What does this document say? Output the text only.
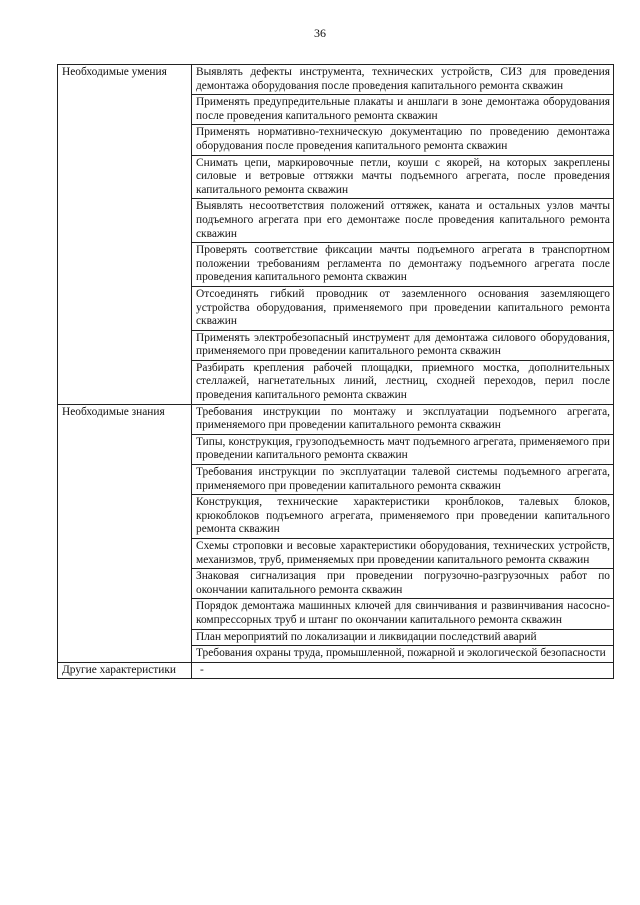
36
Необходимые умения	Выявлять дефекты инструмента, технических устройств, СИЗ для проведения демонтажа оборудования после проведения капитального ремонта скважин
	Применять предупредительные плакаты и аншлаги в зоне демонтажа оборудования после проведения капитального ремонта скважин
	Применять нормативно-техническую документацию по проведению демонтажа оборудования после проведения капитального ремонта скважин
	Снимать цепи, маркировочные петли, коуши с якорей, на которых закреплены силовые и ветровые оттяжки мачты подъемного агрегата, после проведения капитального ремонта скважин
	Выявлять несоответствия положений оттяжек, каната и остальных узлов мачты подъемного агрегата при его демонтаже после проведения капитального ремонта скважин
	Проверять соответствие фиксации мачты подъемного агрегата в транспортном положении требованиям регламента по демонтажу подъемного агрегата после проведения капитального ремонта скважин
	Отсоединять гибкий проводник от заземленного основания заземляющего устройства оборудования, применяемого при проведении капитального ремонта скважин
	Применять электробезопасный инструмент для демонтажа силового оборудования, применяемого при проведении капитального ремонта скважин
	Разбирать крепления рабочей площадки, приемного мостка, дополнительных стеллажей, нагнетательных линий, лестниц, сходней переходов, перил после проведения капитального ремонта скважин
Необходимые знания	Требования инструкции по монтажу и эксплуатации подъемного агрегата, применяемого при проведении капитального ремонта скважин
	Типы, конструкция, грузоподъемность мачт подъемного агрегата, применяемого при проведении капитального ремонта скважин
	Требования инструкции по эксплуатации талевой системы подъемного агрегата, применяемого при проведении капитального ремонта скважин
	Конструкция, технические характеристики кронблоков, талевых блоков, крюкоблоков подъемного агрегата, применяемого при проведении капитального ремонта скважин
	Схемы строповки и весовые характеристики оборудования, технических устройств, механизмов, труб, применяемых при проведении капитального ремонта скважин
	Знаковая сигнализация при проведении погрузочно-разгрузочных работ по окончании капитального ремонта скважин
	Порядок демонтажа машинных ключей для свинчивания и развинчивания насосно-компрессорных труб и штанг по окончании капитального ремонта скважин
	План мероприятий по локализации и ликвидации последствий аварий
	Требования охраны труда, промышленной, пожарной и экологической безопасности
Другие характеристики	-
